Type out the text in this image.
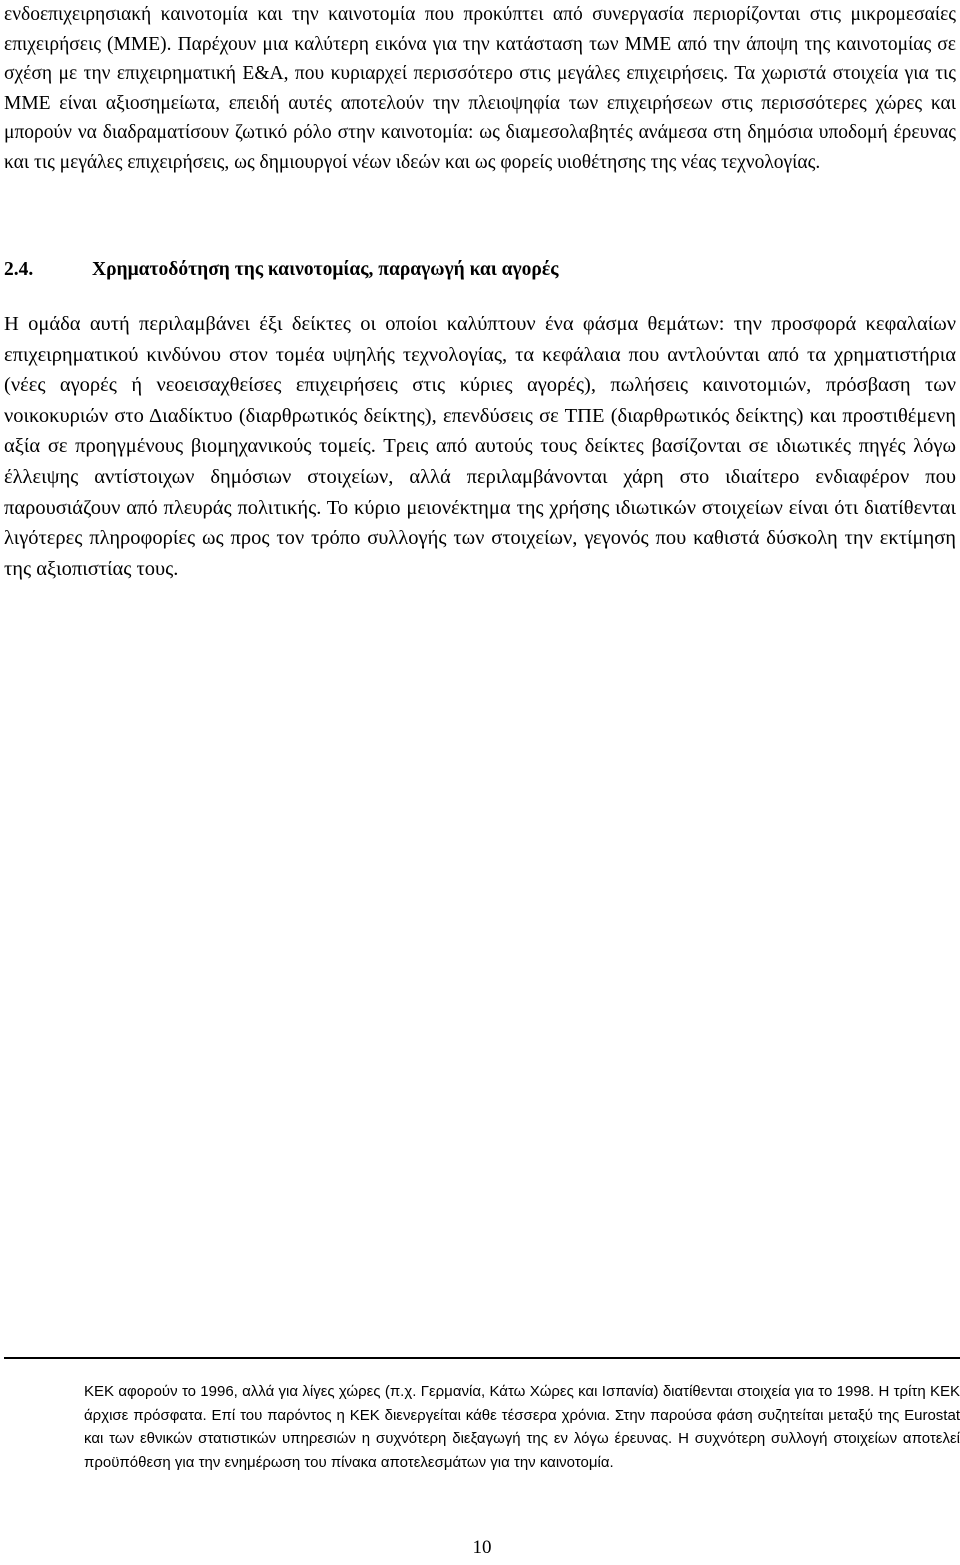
ενδοεπιχειρησιακή καινοτομία και την καινοτομία που προκύπτει από συνεργασία περιορίζονται στις μικρομεσαίες επιχειρήσεις (ΜΜΕ). Παρέχουν μια καλύτερη εικόνα για την κατάσταση των ΜΜΕ από την άποψη της καινοτομίας σε σχέση με την επιχειρηματική Ε&Α, που κυριαρχεί περισσότερο στις μεγάλες επιχειρήσεις. Τα χωριστά στοιχεία για τις ΜΜΕ είναι αξιοσημείωτα, επειδή αυτές αποτελούν την πλειοψηφία των επιχειρήσεων στις περισσότερες χώρες και μπορούν να διαδραματίσουν ζωτικό ρόλο στην καινοτομία: ως διαμεσολαβητές ανάμεσα στη δημόσια υποδομή έρευνας και τις μεγάλες επιχειρήσεις, ως δημιουργοί νέων ιδεών και ως φορείς υιοθέτησης της νέας τεχνολογίας.

2.4.	Χρηματοδότηση της καινοτομίας, παραγωγή και αγορές

Η ομάδα αυτή περιλαμβάνει έξι δείκτες οι οποίοι καλύπτουν ένα φάσμα θεμάτων: την προσφορά κεφαλαίων επιχειρηματικού κινδύνου στον τομέα υψηλής τεχνολογίας, τα κεφάλαια που αντλούνται από τα χρηματιστήρια (νέες αγορές ή νεοεισαχθείσες επιχειρήσεις στις κύριες αγορές), πωλήσεις καινοτομιών, πρόσβαση των νοικοκυριών στο Διαδίκτυο (διαρθρωτικός δείκτης), επενδύσεις σε ΤΠΕ (διαρθρωτικός δείκτης) και προστιθέμενη αξία σε προηγμένους βιομηχανικούς τομείς. Τρεις από αυτούς τους δείκτες βασίζονται σε ιδιωτικές πηγές λόγω έλλειψης αντίστοιχων δημόσιων στοιχείων, αλλά περιλαμβάνονται χάρη στο ιδιαίτερο ενδιαφέρον που παρουσιάζουν από πλευράς πολιτικής. Το κύριο μειονέκτημα της χρήσης ιδιωτικών στοιχείων είναι ότι διατίθενται λιγότερες πληροφορίες ως προς τον τρόπο συλλογής των στοιχείων, γεγονός που καθιστά δύσκολη την εκτίμηση της αξιοπιστίας τους.

ΚΕΚ αφορούν το 1996, αλλά για λίγες χώρες (π.χ. Γερμανία, Κάτω Χώρες και Ισπανία) διατίθενται στοιχεία για το 1998. Η τρίτη ΚΕΚ άρχισε πρόσφατα. Επί του παρόντος η ΚΕΚ διενεργείται κάθε τέσσερα χρόνια. Στην παρούσα φάση συζητείται μεταξύ της Eurostat και των εθνικών στατιστικών υπηρεσιών η συχνότερη διεξαγωγή της εν λόγω έρευνας. Η συχνότερη συλλογή στοιχείων αποτελεί προϋπόθεση για την ενημέρωση του πίνακα αποτελεσμάτων για την καινοτομία.

10
